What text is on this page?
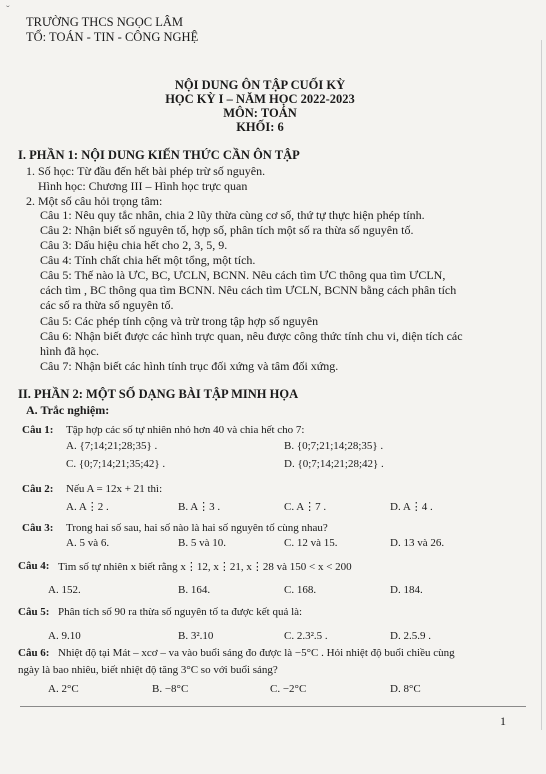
ˇ
TRƯỜNG THCS NGỌC LÂM
TỔ: TOÁN - TIN - CÔNG NGHỆ
NỘI DUNG ÔN TẬP CUỐI KỲ
HỌC KỲ I – NĂM HỌC 2022-2023
MÔN: TOÁN
KHỐI: 6
I. PHẦN 1: NỘI DUNG KIẾN THỨC CẦN ÔN TẬP
1. Số học: Từ đầu đến hết bài phép trừ số nguyên.
Hình học: Chương III – Hình học trực quan
2. Một số câu hỏi trọng tâm:
Câu 1: Nêu quy tắc nhân, chia 2 lũy thừa cùng cơ số, thứ tự thực hiện phép tính.
Câu 2: Nhận biết số nguyên tố, hợp số, phân tích một số ra thừa số nguyên tố.
Câu 3: Dấu hiệu chia hết cho 2, 3, 5, 9.
Câu 4: Tính chất chia hết một tổng, một tích.
Câu 5: Thế nào là ƯC, BC, ƯCLN, BCNN. Nêu cách tìm ƯC thông qua tìm ƯCLN,
cách tìm , BC thông qua tìm BCNN. Nêu cách tìm ƯCLN, BCNN bằng cách phân tích
các số ra thừa số nguyên tố.
Câu 5: Các phép tính cộng và trừ trong tập hợp số nguyên
Câu 6: Nhận biết được các hình trực quan, nêu được công thức tính chu vi, diện tích các
hình đã học.
Câu 7: Nhận biết các hình tính trục đối xứng và tâm đối xứng.
II. PHẦN 2: MỘT SỐ DẠNG BÀI TẬP MINH HỌA
A. Trắc nghiệm:
Câu 1: Tập hợp các số tự nhiên nhỏ hơn 40 và chia hết cho 7:
A. {7;14;21;28;35} .	B. {0;7;21;14;28;35} .
C. {0;7;14;21;35;42} .	D. {0;7;14;21;28;42} .
Câu 2: Nếu A = 12x + 21 thì:
A. A⋮2 .	B. A⋮3 .	C. A⋮7 .	D. A⋮4 .
Câu 3: Trong hai số sau, hai số nào là hai số nguyên tố cùng nhau?
A. 5 và 6.	B. 5 và 10.	C. 12 và 15.	D. 13 và 26.
Câu 4: Tìm số tự nhiên x biết rằng x⋮12, x⋮21, x⋮28 và 150 < x < 200
A. 152.	B. 164.	C. 168.	D. 184.
Câu 5: Phân tích số 90 ra thừa số nguyên tố ta được kết quả là:
A. 9.10	B. 3².10	C. 2.3².5 .	D. 2.5.9 .
Câu 6: Nhiệt độ tại Mát – xcơ – va vào buổi sáng đo được là −5°C . Hỏi nhiệt độ buổi chiều cùng
ngày là bao nhiêu, biết nhiệt độ tăng 3°C so với buổi sáng?
A. 2°C	B. −8°C	C. −2°C	D. 8°C
1
